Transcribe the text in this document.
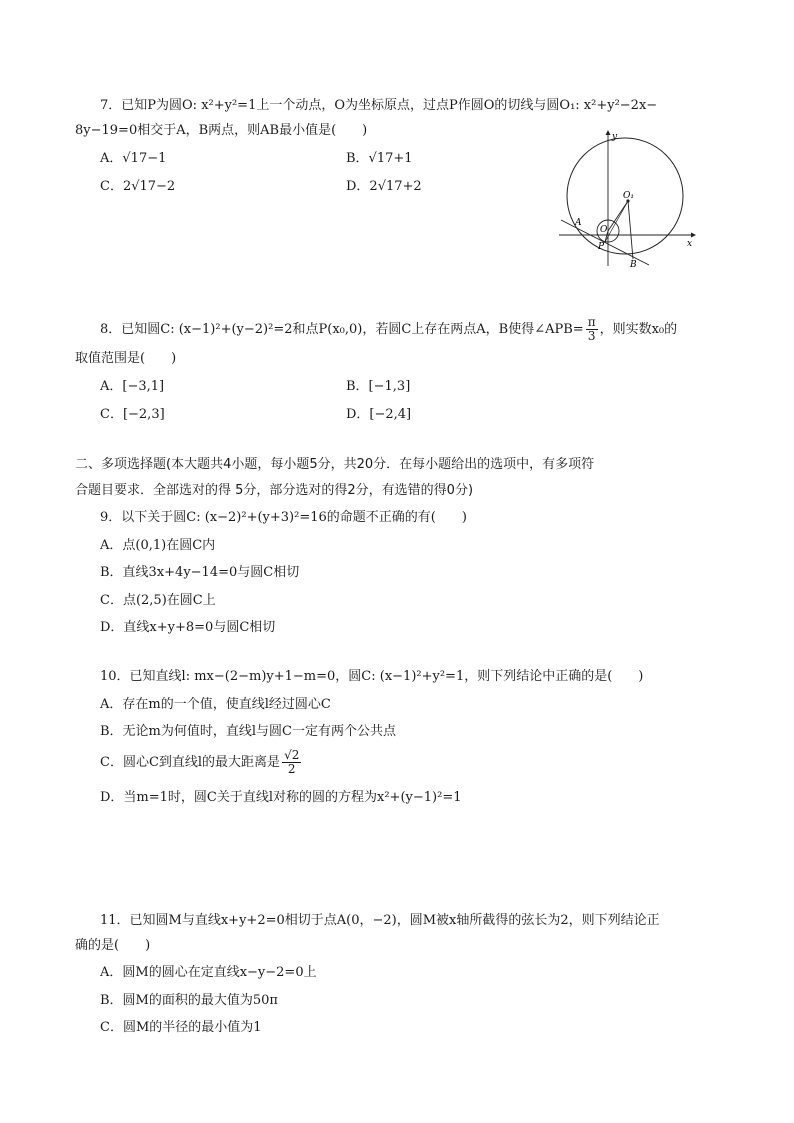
7．已知P为圆O: x²+y²=1上一个动点，O为坐标原点，过点P作圆O的切线与圆O₁: x²+y²−2x−
8y−19=0相交于A，B两点，则AB最小值是(　　)
A．√17−1	B．√17+1
C．2√17−2	D．2√17+2
y
x
O₁
O
A
P
B
8．已知圆C: (x−1)²+(y−2)²=2和点P(x₀,0)，若圆C上存在两点A，B使得∠APB= $\frac{\pi}{3}$ ，则实数x₀的
取值范围是(　　)
A．[−3,1]	B．[−1,3]
C．[−2,3]	D．[−2,4]
二、多项选择题(本大题共4小题，每小题5分，共20分．在每小题给出的选项中，有多项符
合题目要求．全部选对的得 5分，部分选对的得2分，有选错的得0分)
9．以下关于圆C: (x−2)²+(y+3)²=16的命题不正确的有(　　)
A．点(0,1)在圆C内
B．直线3x+4y−14=0与圆C相切
C．点(2,5)在圆C上
D．直线x+y+8=0与圆C相切
10．已知直线l: mx−(2−m)y+1−m=0，圆C: (x−1)²+y²=1，则下列结论中正确的是(　　)
A．存在m的一个值，使直线l经过圆心C
B．无论m为何值时，直线l与圆C一定有两个公共点
C．圆心C到直线l的最大距离是 $\frac{√2}{2}$
D．当m=1时，圆C关于直线l对称的圆的方程为x²+(y−1)²=1
11．已知圆M与直线x+y+2=0相切于点A(0，−2)，圆M被x轴所截得的弦长为2，则下列结论正
确的是(　　)
A．圆M的圆心在定直线x−y−2=0上
B．圆M的面积的最大值为50π
C．圆M的半径的最小值为1
